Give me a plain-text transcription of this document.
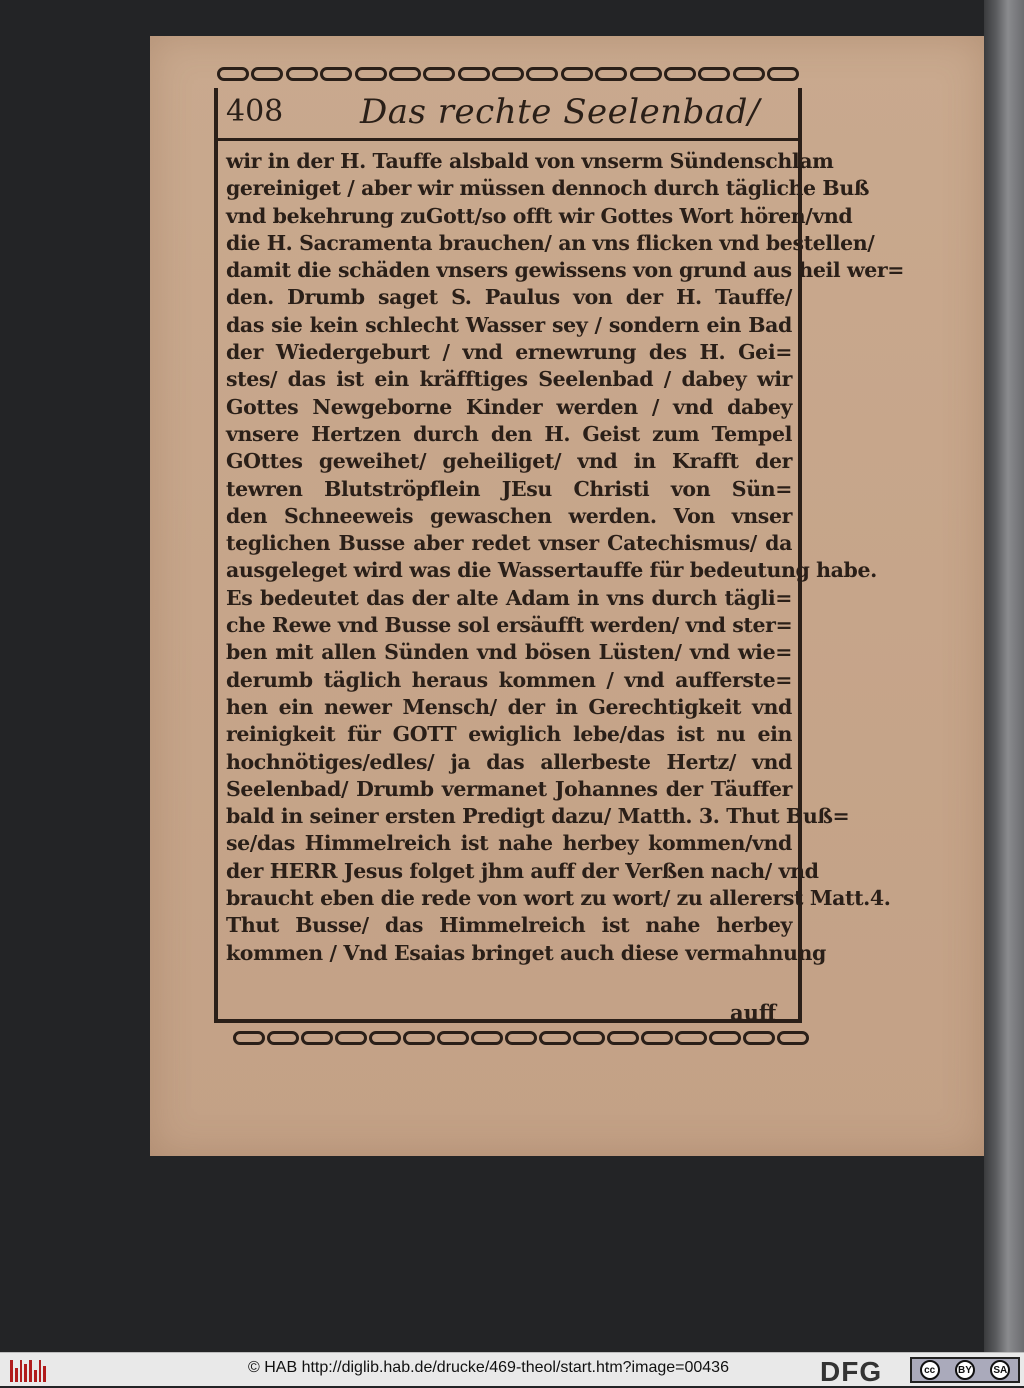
408 Das rechte Seelenbad/
wir in der H. Tauffe alsbald von vnserm Sündenschlam
gereiniget / aber wir müssen dennoch durch tägliche Buß
vnd bekehrung zuGott/so offt wir Gottes Wort hören/vnd
die H. Sacramenta brauchen/ an vns flicken vnd bestellen/
damit die schäden vnsers gewissens von grund aus heil wer=
den. Drumb saget S. Paulus von der H. Tauffe/
das sie kein schlecht Wasser sey / sondern ein Bad
der Wiedergeburt / vnd ernewrung des H. Gei=
stes/ das ist ein kräfftiges Seelenbad / dabey wir
Gottes Newgeborne Kinder werden / vnd dabey
vnsere Hertzen durch den H. Geist zum Tempel
GOttes geweihet/ geheiliget/ vnd in Krafft der
tewren Blutströpflein JEsu Christi von Sün=
den Schneeweis gewaschen werden. Von vnser
teglichen Busse aber redet vnser Catechismus/ da
ausgeleget wird was die Wassertauffe für bedeutung habe.
Es bedeutet das der alte Adam in vns durch tägli=
che Rewe vnd Busse sol ersäufft werden/ vnd ster=
ben mit allen Sünden vnd bösen Lüsten/ vnd wie=
derumb täglich heraus kommen / vnd aufferste=
hen ein newer Mensch/ der in Gerechtigkeit vnd
reinigkeit für GOTT ewiglich lebe/das ist nu ein
hochnötiges/edles/ ja das allerbeste Hertz/ vnd
Seelenbad/ Drumb vermanet Johannes der Täuffer
bald in seiner ersten Predigt dazu/ Matth. 3. Thut Buß=
se/das Himmelreich ist nahe herbey kommen/vnd
der HERR Jesus folget jhm auff der Verßen nach/ vnd
braucht eben die rede von wort zu wort/ zu allererst Matt.4.
Thut Busse/ das Himmelreich ist nahe herbey
kommen / Vnd Esaias bringet auch diese vermahnung
auff
© HAB http://diglib.hab.de/drucke/469-theol/start.htm?image=00436	DFG	cc	BY	SA
